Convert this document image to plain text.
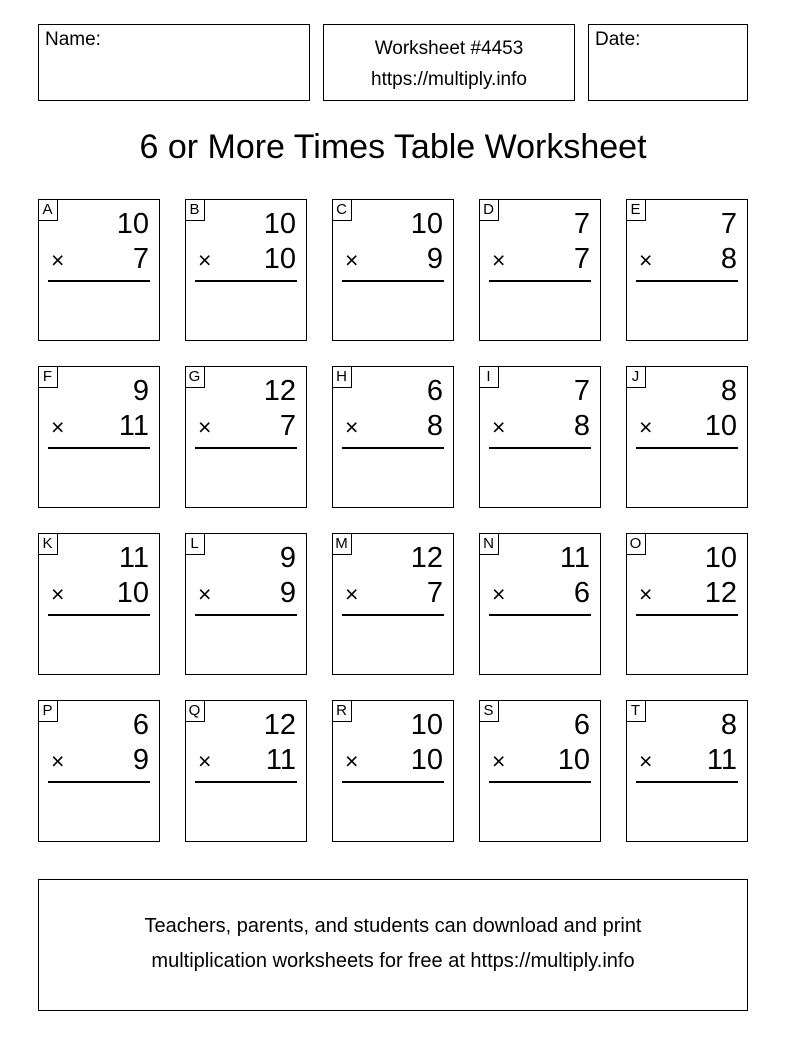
Name:	Worksheet #4453
https://multiply.info
Date:
6 or More Times Table Worksheet
A 10
× 7
B 10
× 10
C 10
× 9
D	7
× 7
E	7
× 8
F	9
× 11
G 12
× 7
H	6
× 8
I	7
× 8
J	8
× 10
K 11
× 10
L	9
× 9
M 12
× 7
N 11
× 6
O 10
× 12
P	6
× 9
Q 12
× 11
R 10
× 10
S	6
× 10
T	8
× 11
Teachers, parents, and students can download and print
multiplication worksheets for free at https://multiply.info
